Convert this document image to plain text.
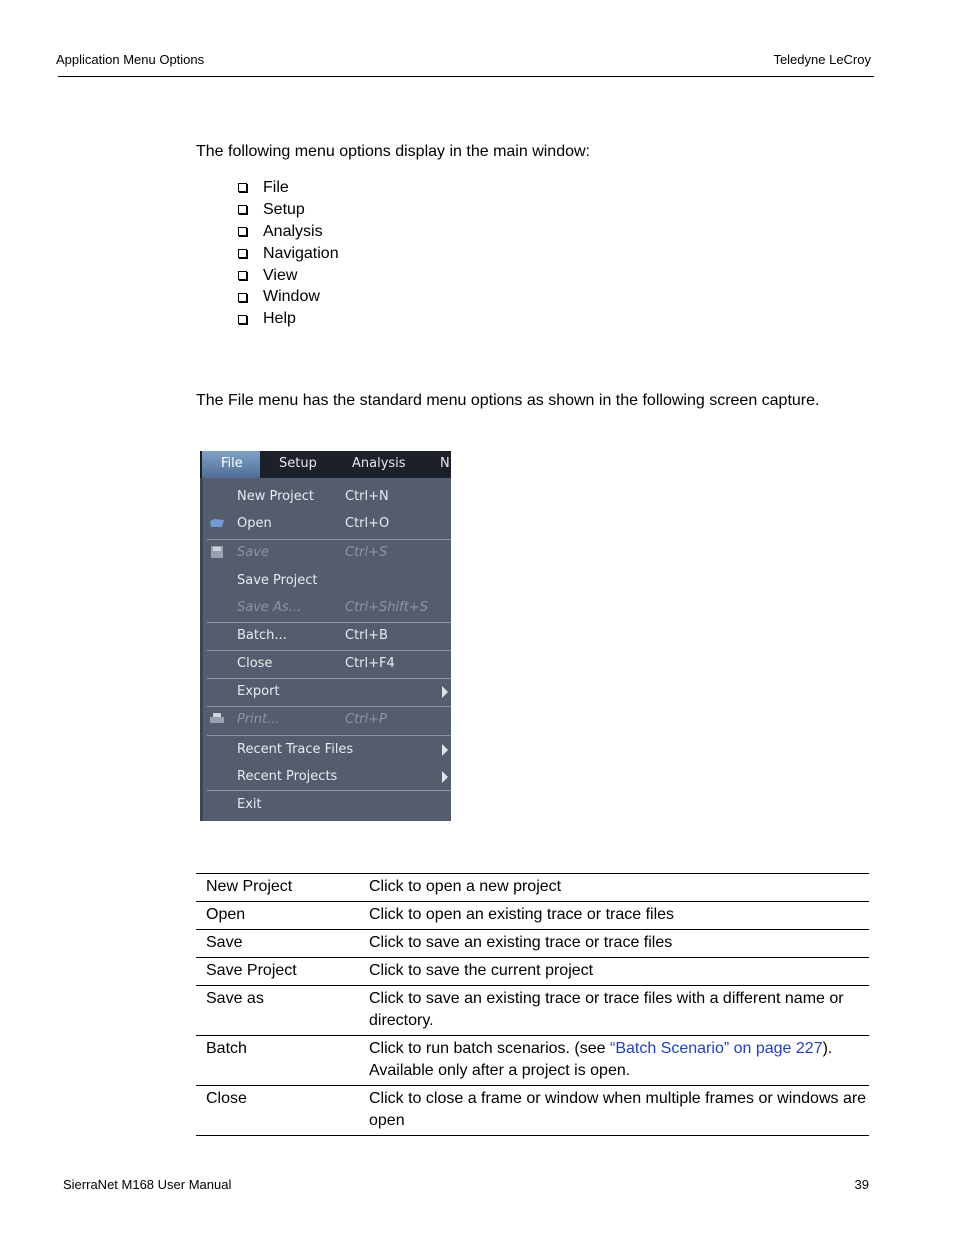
Application Menu Options	Teledyne LeCroy
The following menu options display in the main window:
File
Setup
Analysis
Navigation
View
Window
Help
The File menu has the standard menu options as shown in the following screen capture.
File	Setup	Analysis	N
New Project Ctrl+N
Open	Ctrl+O
Save	Ctrl+S
Save Project
Save As...	Ctrl+Shift+S
Batch...	Ctrl+B
Close	Ctrl+F4
Export
Print...	Ctrl+P
Recent Trace Files
Recent Projects
Exit
New Project	Click to open a new project
Open	Click to open an existing trace or trace files
Save	Click to save an existing trace or trace files
Save Project	Click to save the current project
Save as	Click to save an existing trace or trace files with a different name or directory.
Batch	Click to run batch scenarios. (see “Batch Scenario” on page 227). Available only after a project is open.
Close	Click to close a frame or window when multiple frames or windows are open
SierraNet M168 User Manual	39
